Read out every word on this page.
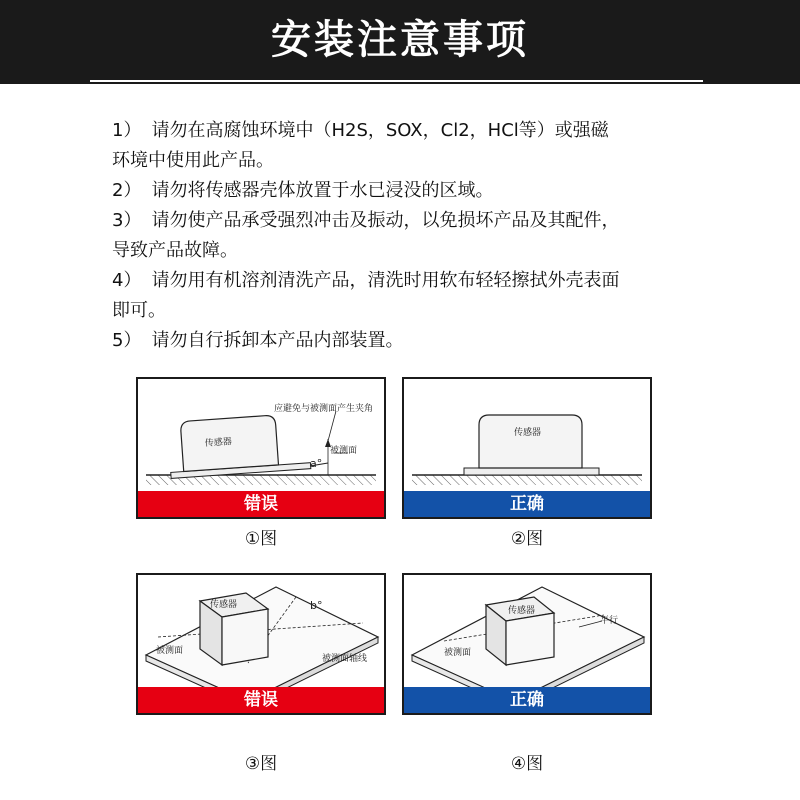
安装注意事项

1） 请勿在高腐蚀环境中（H2S，SOX，Cl2，HCl等）或强磁

环境中使用此产品。

2） 请勿将传感器壳体放置于水已浸没的区域。

3） 请勿使产品承受强烈冲击及振动，以免损坏产品及其配件，

导致产品故障。

4） 请勿用有机溶剂清洗产品，清洗时用软布轻轻擦拭外壳表面

即可。

5） 请勿自行拆卸本产品内部装置。

传感器
应避免与被测面产生夹角
a°
被测面
错误
①图
传感器
正确
②图
传感器	b°
被测面
被测面轴线
错误
③图
传感器
平行
被测面
正确
④图
